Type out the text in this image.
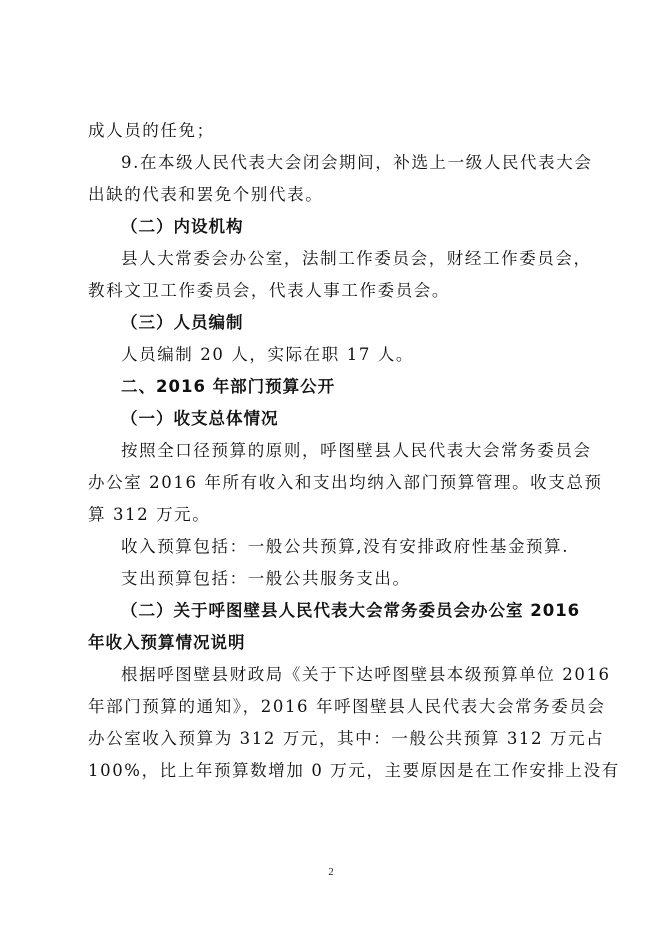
成人员的任免；
9.在本级人民代表大会闭会期间，补选上一级人民代表大会
出缺的代表和罢免个别代表。
（二）内设机构
县人大常委会办公室，法制工作委员会，财经工作委员会，
教科文卫工作委员会，代表人事工作委员会。
（三）人员编制
人员编制 20 人，实际在职 17 人。
二、2016 年部门预算公开
（一）收支总体情况
按照全口径预算的原则，呼图壁县人民代表大会常务委员会
办公室 2016 年所有收入和支出均纳入部门预算管理。收支总预
算 312 万元。
收入预算包括：一般公共预算,没有安排政府性基金预算.
支出预算包括：一般公共服务支出。
（二）关于呼图壁县人民代表大会常务委员会办公室 2016
年收入预算情况说明
根据呼图壁县财政局《关于下达呼图壁县本级预算单位 2016
年部门预算的通知》，2016 年呼图壁县人民代表大会常务委员会
办公室收入预算为 312 万元，其中：一般公共预算 312 万元占
100%，比上年预算数增加 0 万元，主要原因是在工作安排上没有
2
